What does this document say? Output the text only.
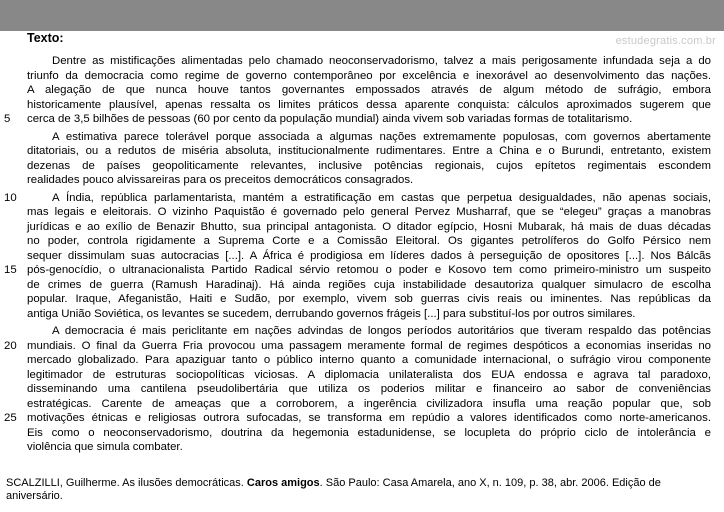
estudegratis.com.br
Texto:
Dentre as mistificações alimentadas pelo chamado neoconservadorismo, talvez a mais perigosamente infundada seja a do
triunfo da democracia como regime de governo contemporâneo por excelência e inexorável ao desenvolvimento das nações.
A alegação de que nunca houve tantos governantes empossados através de algum método de sufrágio, embora
historicamente plausível, apenas ressalta os limites práticos dessa aparente conquista: cálculos aproximados sugerem que
5	cerca de 3,5 bilhões de pessoas (60 por cento da população mundial) ainda vivem sob variadas formas de totalitarismo.
A estimativa parece tolerável porque associada a algumas nações extremamente populosas, com governos abertamente
ditatoriais, ou a redutos de miséria absoluta, institucionalmente rudimentares. Entre a China e o Burundi, entretanto, existem
dezenas de países geopoliticamente relevantes, inclusive potências regionais, cujos epítetos regimentais escondem
realidades pouco alvissareiras para os preceitos democráticos consagrados.
10	A Índia, república parlamentarista, mantém a estratificação em castas que perpetua desigualdades, não apenas sociais,
mas legais e eleitorais. O vizinho Paquistão é governado pelo general Pervez Musharraf, que se “elegeu” graças a manobras
jurídicas e ao exílio de Benazir Bhutto, sua principal antagonista. O ditador egípcio, Hosni Mubarak, há mais de duas décadas
no poder, controla rigidamente a Suprema Corte e a Comissão Eleitoral. Os gigantes petrolíferos do Golfo Pérsico nem
sequer dissimulam suas autocracias [...]. A África é prodigiosa em líderes dados à perseguição de opositores [...]. Nos Bálcãs
15 pós-genocídio, o ultranacionalista Partido Radical sérvio retomou o poder e Kosovo tem como primeiro-ministro um suspeito
de crimes de guerra (Ramush Haradinaj). Há ainda regiões cuja instabilidade desautoriza qualquer simulacro de escolha
popular. Iraque, Afeganistão, Haiti e Sudão, por exemplo, vivem sob guerras civis reais ou iminentes. Nas repúblicas da
antiga União Soviética, os levantes se sucedem, derrubando governos frágeis [...] para substituí-los por outros similares.
A democracia é mais periclitante em nações advindas de longos períodos autoritários que tiveram respaldo das potências
20 mundiais. O final da Guerra Fria provocou uma passagem meramente formal de regimes despóticos a economias inseridas no
mercado globalizado. Para apaziguar tanto o público interno quanto a comunidade internacional, o sufrágio virou componente
legitimador de estruturas sociopolíticas viciosas. A diplomacia unilateralista dos EUA endossa e agrava tal paradoxo,
disseminando uma cantilena pseudolibertária que utiliza os poderios militar e financeiro ao sabor de conveniências
estratégicas. Carente de ameaças que a corroborem, a ingerência civilizadora insufla uma reação popular que, sob
25 motivações étnicas e religiosas outrora sufocadas, se transforma em repúdio a valores identificados como norte-americanos.
Eis como o neoconservadorismo, doutrina da hegemonia estadunidense, se locupleta do próprio ciclo de intolerância e
violência que simula combater.
SCALZILLI, Guilherme. As ilusões democráticas. Caros amigos. São Paulo: Casa Amarela, ano X, n. 109, p. 38, abr. 2006. Edição de aniversário.
